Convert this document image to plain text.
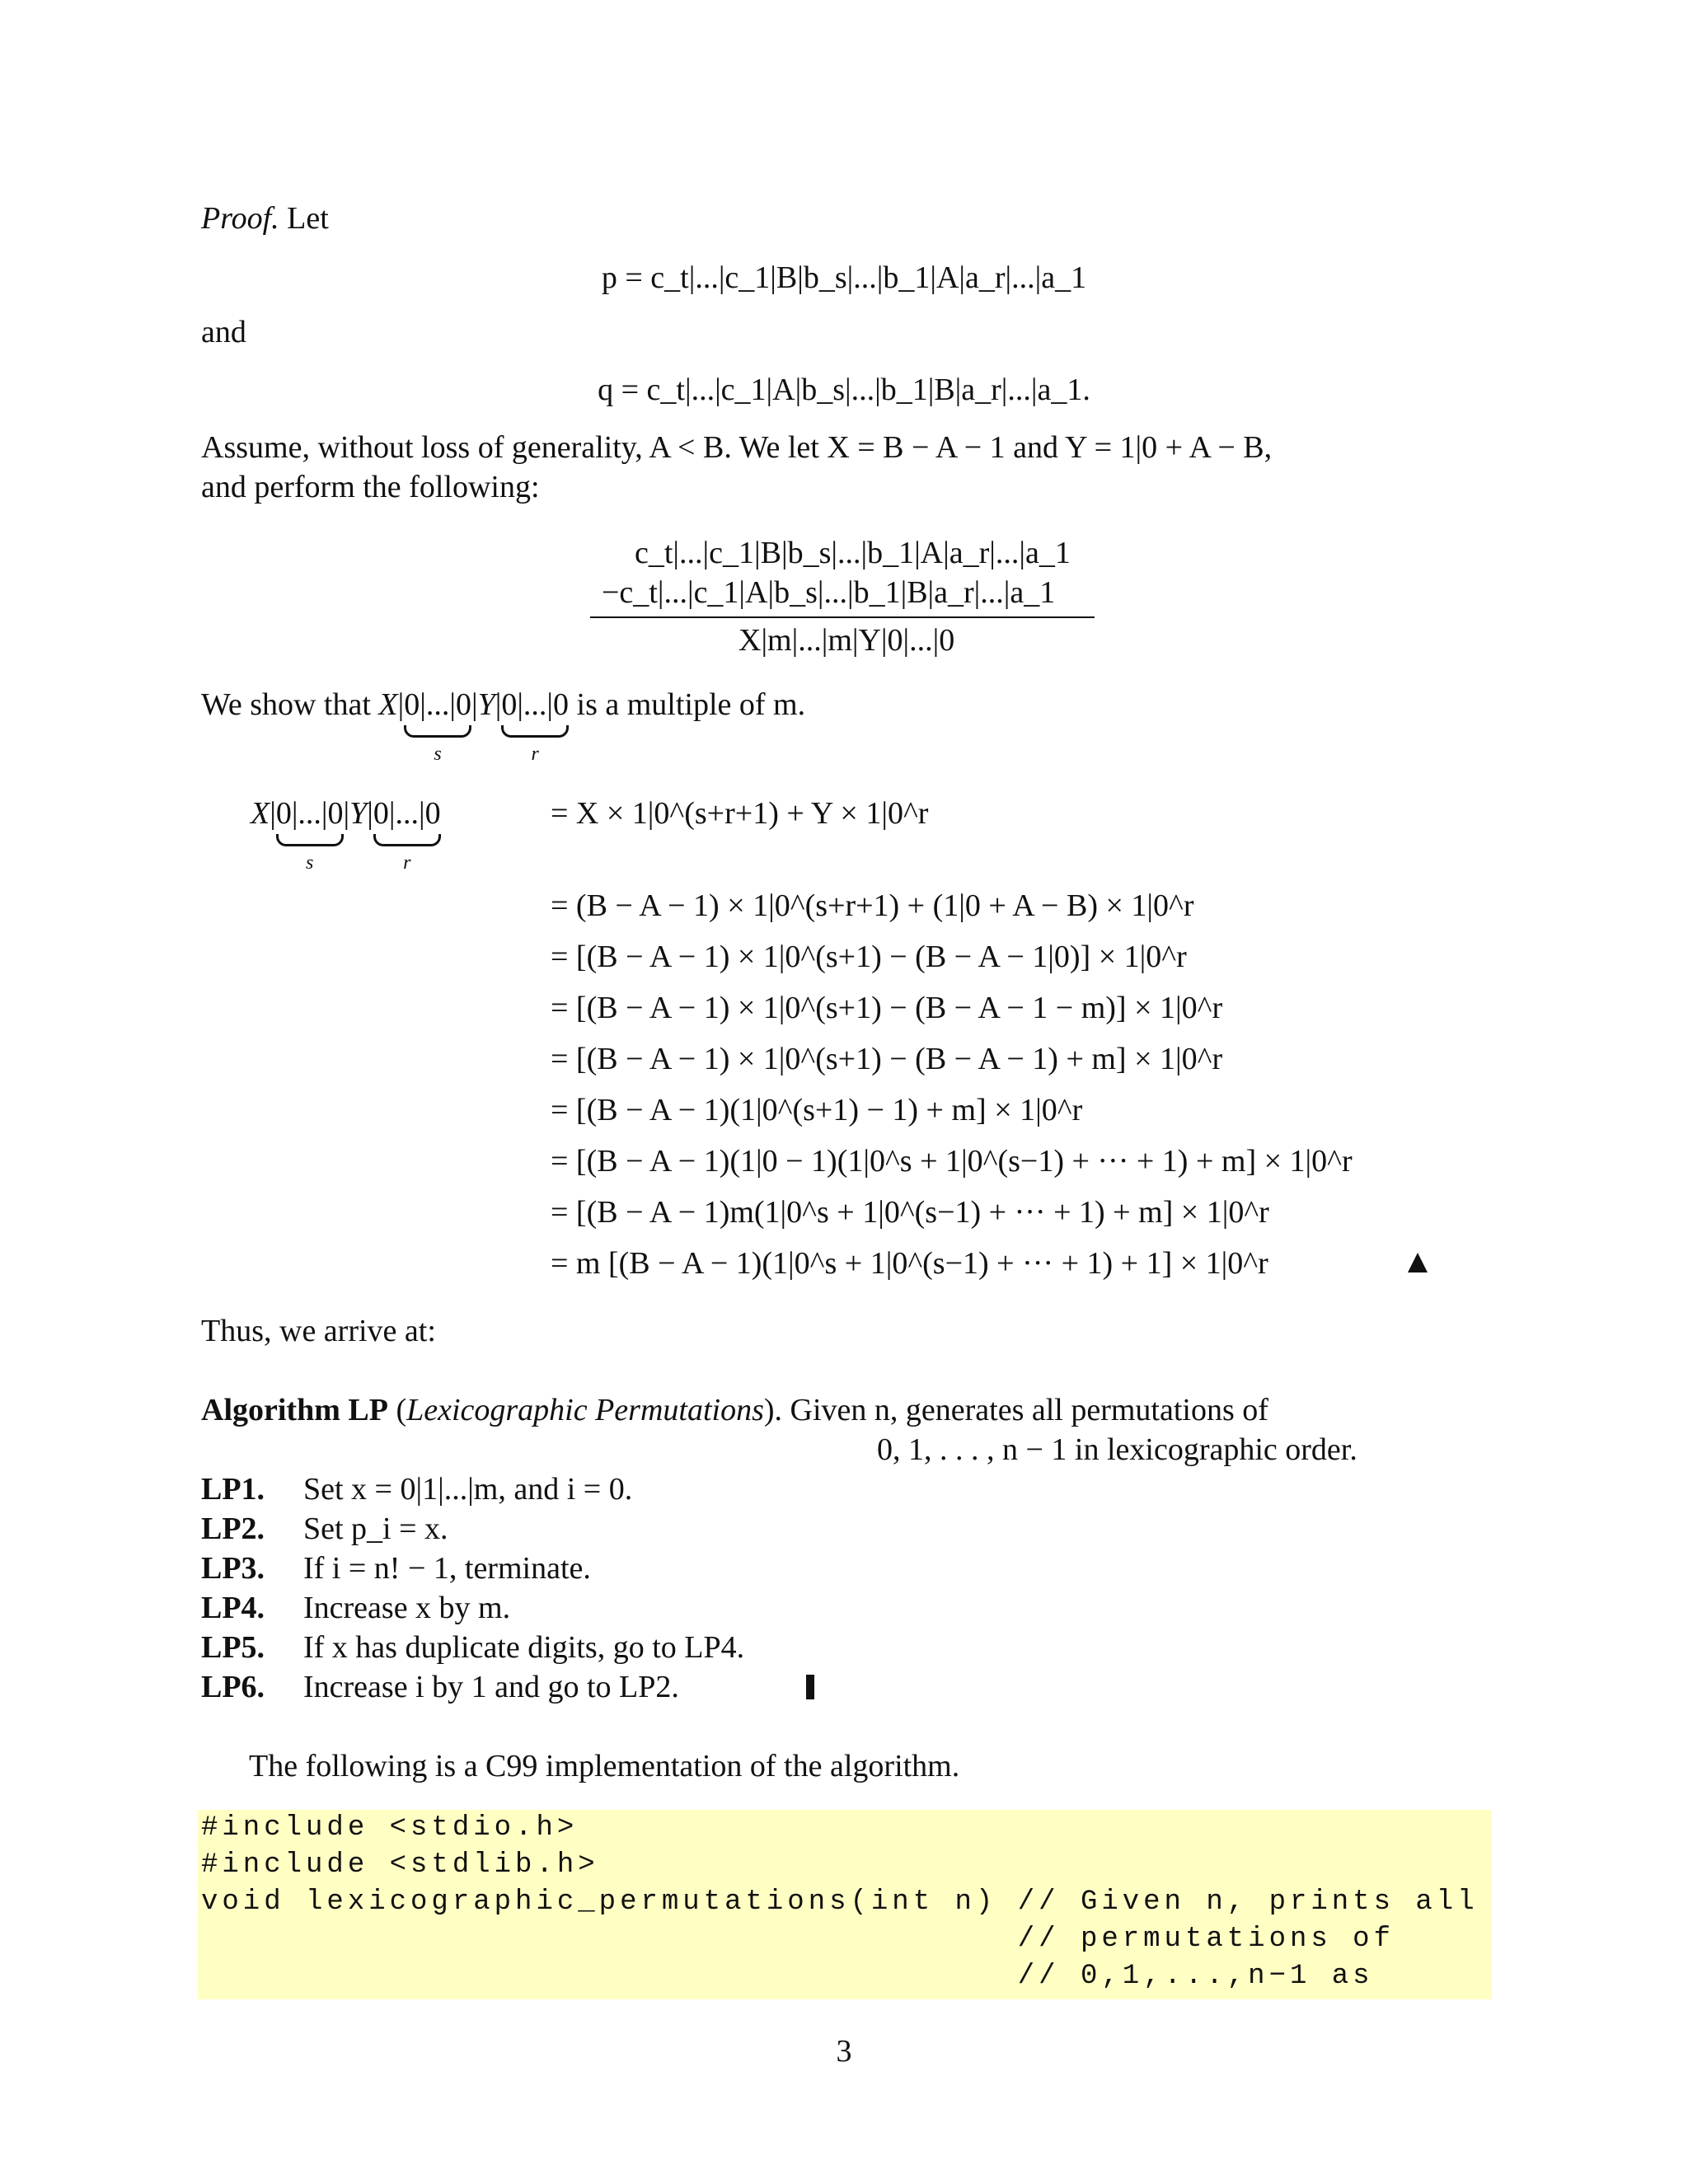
Proof. Let
p = c_t|...|c_1|B|b_s|...|b_1|A|a_r|...|a_1
and
q = c_t|...|c_1|A|b_s|...|b_1|B|a_r|...|a_1.
Assume, without loss of generality, A < B. We let X = B − A − 1 and Y = 1|0 + A − B,
and perform the following:
c_t|...|c_1|B|b_s|...|b_1|A|a_r|...|a_1
−c_t|...|c_1|A|b_s|...|b_1|B|a_r|...|a_1
X|m|...|m|Y|0|...|0
We show that X|0|...|0
s
|Y|0|...|0
r
is a multiple of m.
X|0|...|0
s
|Y|0|...|0
r
= X × 1|0^(s+r+1) + Y × 1|0^r
= (B − A − 1) × 1|0^(s+r+1) + (1|0 + A − B) × 1|0^r
= [(B − A − 1) × 1|0^(s+1) − (B − A − 1|0)] × 1|0^r
= [(B − A − 1) × 1|0^(s+1) − (B − A − 1 − m)] × 1|0^r
= [(B − A − 1) × 1|0^(s+1) − (B − A − 1) + m] × 1|0^r
= [(B − A − 1)(1|0^(s+1) − 1) + m] × 1|0^r
= [(B − A − 1)(1|0 − 1)(1|0^s + 1|0^(s−1) + ··· + 1) + m] × 1|0^r
= [(B − A − 1)m(1|0^s + 1|0^(s−1) + ··· + 1) + m] × 1|0^r
= m [(B − A − 1)(1|0^s + 1|0^(s−1) + ··· + 1) + 1] × 1|0^r
Thus, we arrive at:
Algorithm LP (Lexicographic Permutations). Given n, generates all permutations of
0, 1, . . . , n − 1 in lexicographic order.
LP1. Set x = 0|1|...|m, and i = 0.
LP2. Set p_i = x.
LP3. If i = n! − 1, terminate.
LP4. Increase x by m.
LP5. If x has duplicate digits, go to LP4.
LP6. Increase i by 1 and go to LP2.
The following is a C99 implementation of the algorithm.
#include <stdio.h>
#include <stdlib.h>
void lexicographic_permutations(int n) // Given n, prints all
// permutations of
// 0,1,...,n−1 as
3
